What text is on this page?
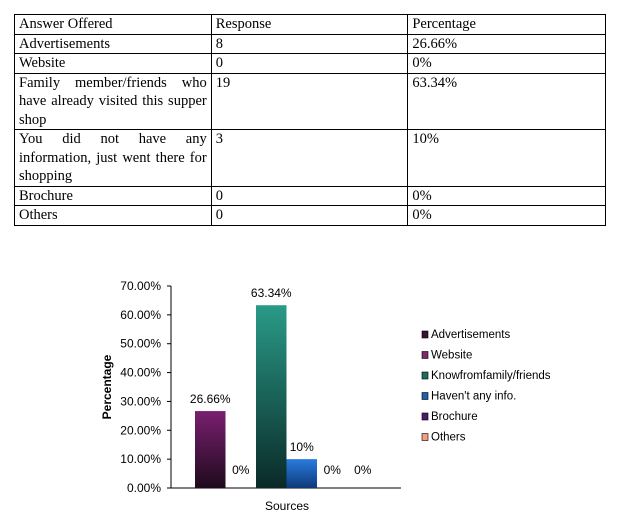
Answer Offered	Response	Percentage
Advertisements	8	26.66%
Website	0	0%
Family member/friends who have already visited this supper shop	19	63.34%
You did not have any information, just went there for shopping	3	10%
Brochure	0	0%
Others	0	0%
0.00%
10.00%
20.00%
30.00%
40.00%
50.00%
60.00%
70.00%
26.66%
0%
63.34%
10%
0% 0%
Percentage
Sources
Advertisements
Website
Knowfromfamily/friends
Haven't any info.
Brochure
Others
